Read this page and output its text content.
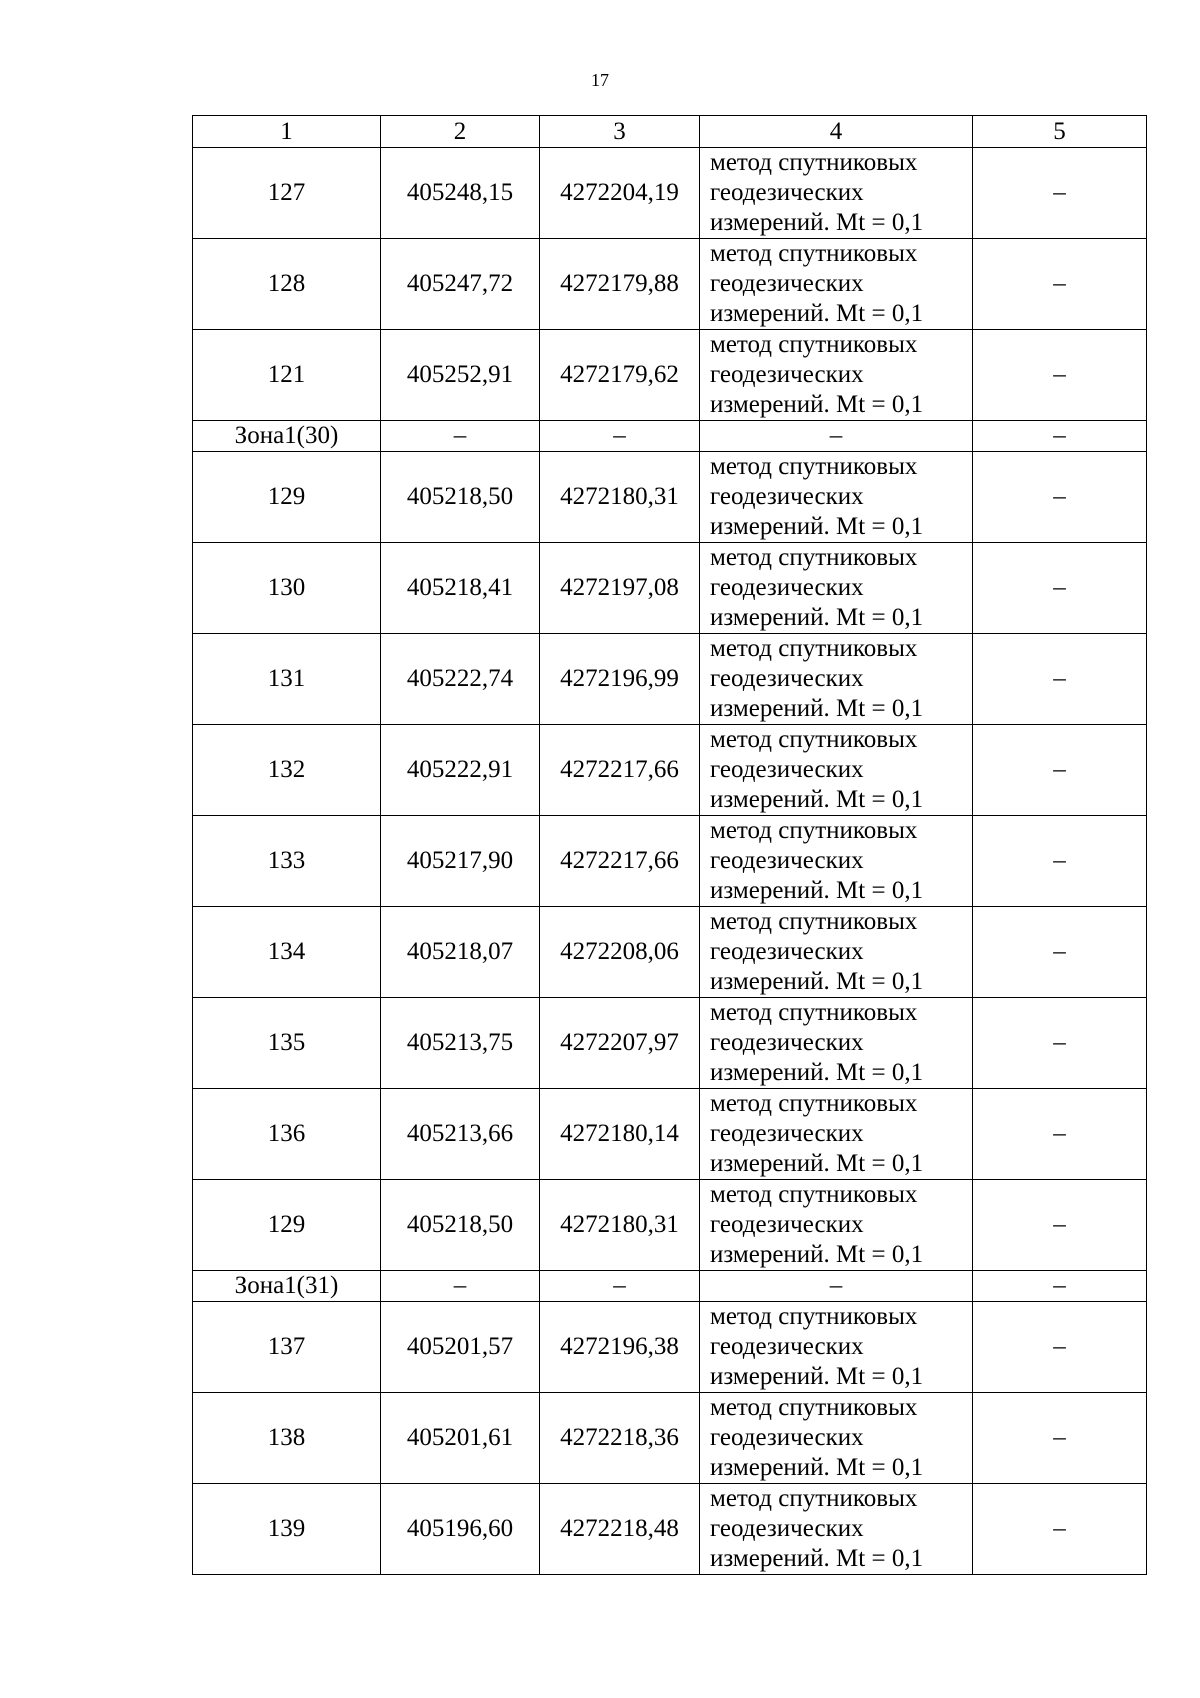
17
1	2	3	4	5
127	405248,15	4272204,19	метод спутниковых
геодезических
измерений. Mt = 0,1	–
128	405247,72	4272179,88	метод спутниковых
геодезических
измерений. Mt = 0,1	–
121	405252,91	4272179,62	метод спутниковых
геодезических
измерений. Mt = 0,1	–
Зона1(30)	–	–	–	–
129	405218,50	4272180,31	метод спутниковых
геодезических
измерений. Mt = 0,1	–
130	405218,41	4272197,08	метод спутниковых
геодезических
измерений. Mt = 0,1	–
131	405222,74	4272196,99	метод спутниковых
геодезических
измерений. Mt = 0,1	–
132	405222,91	4272217,66	метод спутниковых
геодезических
измерений. Mt = 0,1	–
133	405217,90	4272217,66	метод спутниковых
геодезических
измерений. Mt = 0,1	–
134	405218,07	4272208,06	метод спутниковых
геодезических
измерений. Mt = 0,1	–
135	405213,75	4272207,97	метод спутниковых
геодезических
измерений. Mt = 0,1	–
136	405213,66	4272180,14	метод спутниковых
геодезических
измерений. Mt = 0,1	–
129	405218,50	4272180,31	метод спутниковых
геодезических
измерений. Mt = 0,1	–
Зона1(31)	–	–	–	–
137	405201,57	4272196,38	метод спутниковых
геодезических
измерений. Mt = 0,1	–
138	405201,61	4272218,36	метод спутниковых
геодезических
измерений. Mt = 0,1	–
139	405196,60	4272218,48	метод спутниковых
геодезических
измерений. Mt = 0,1	–
